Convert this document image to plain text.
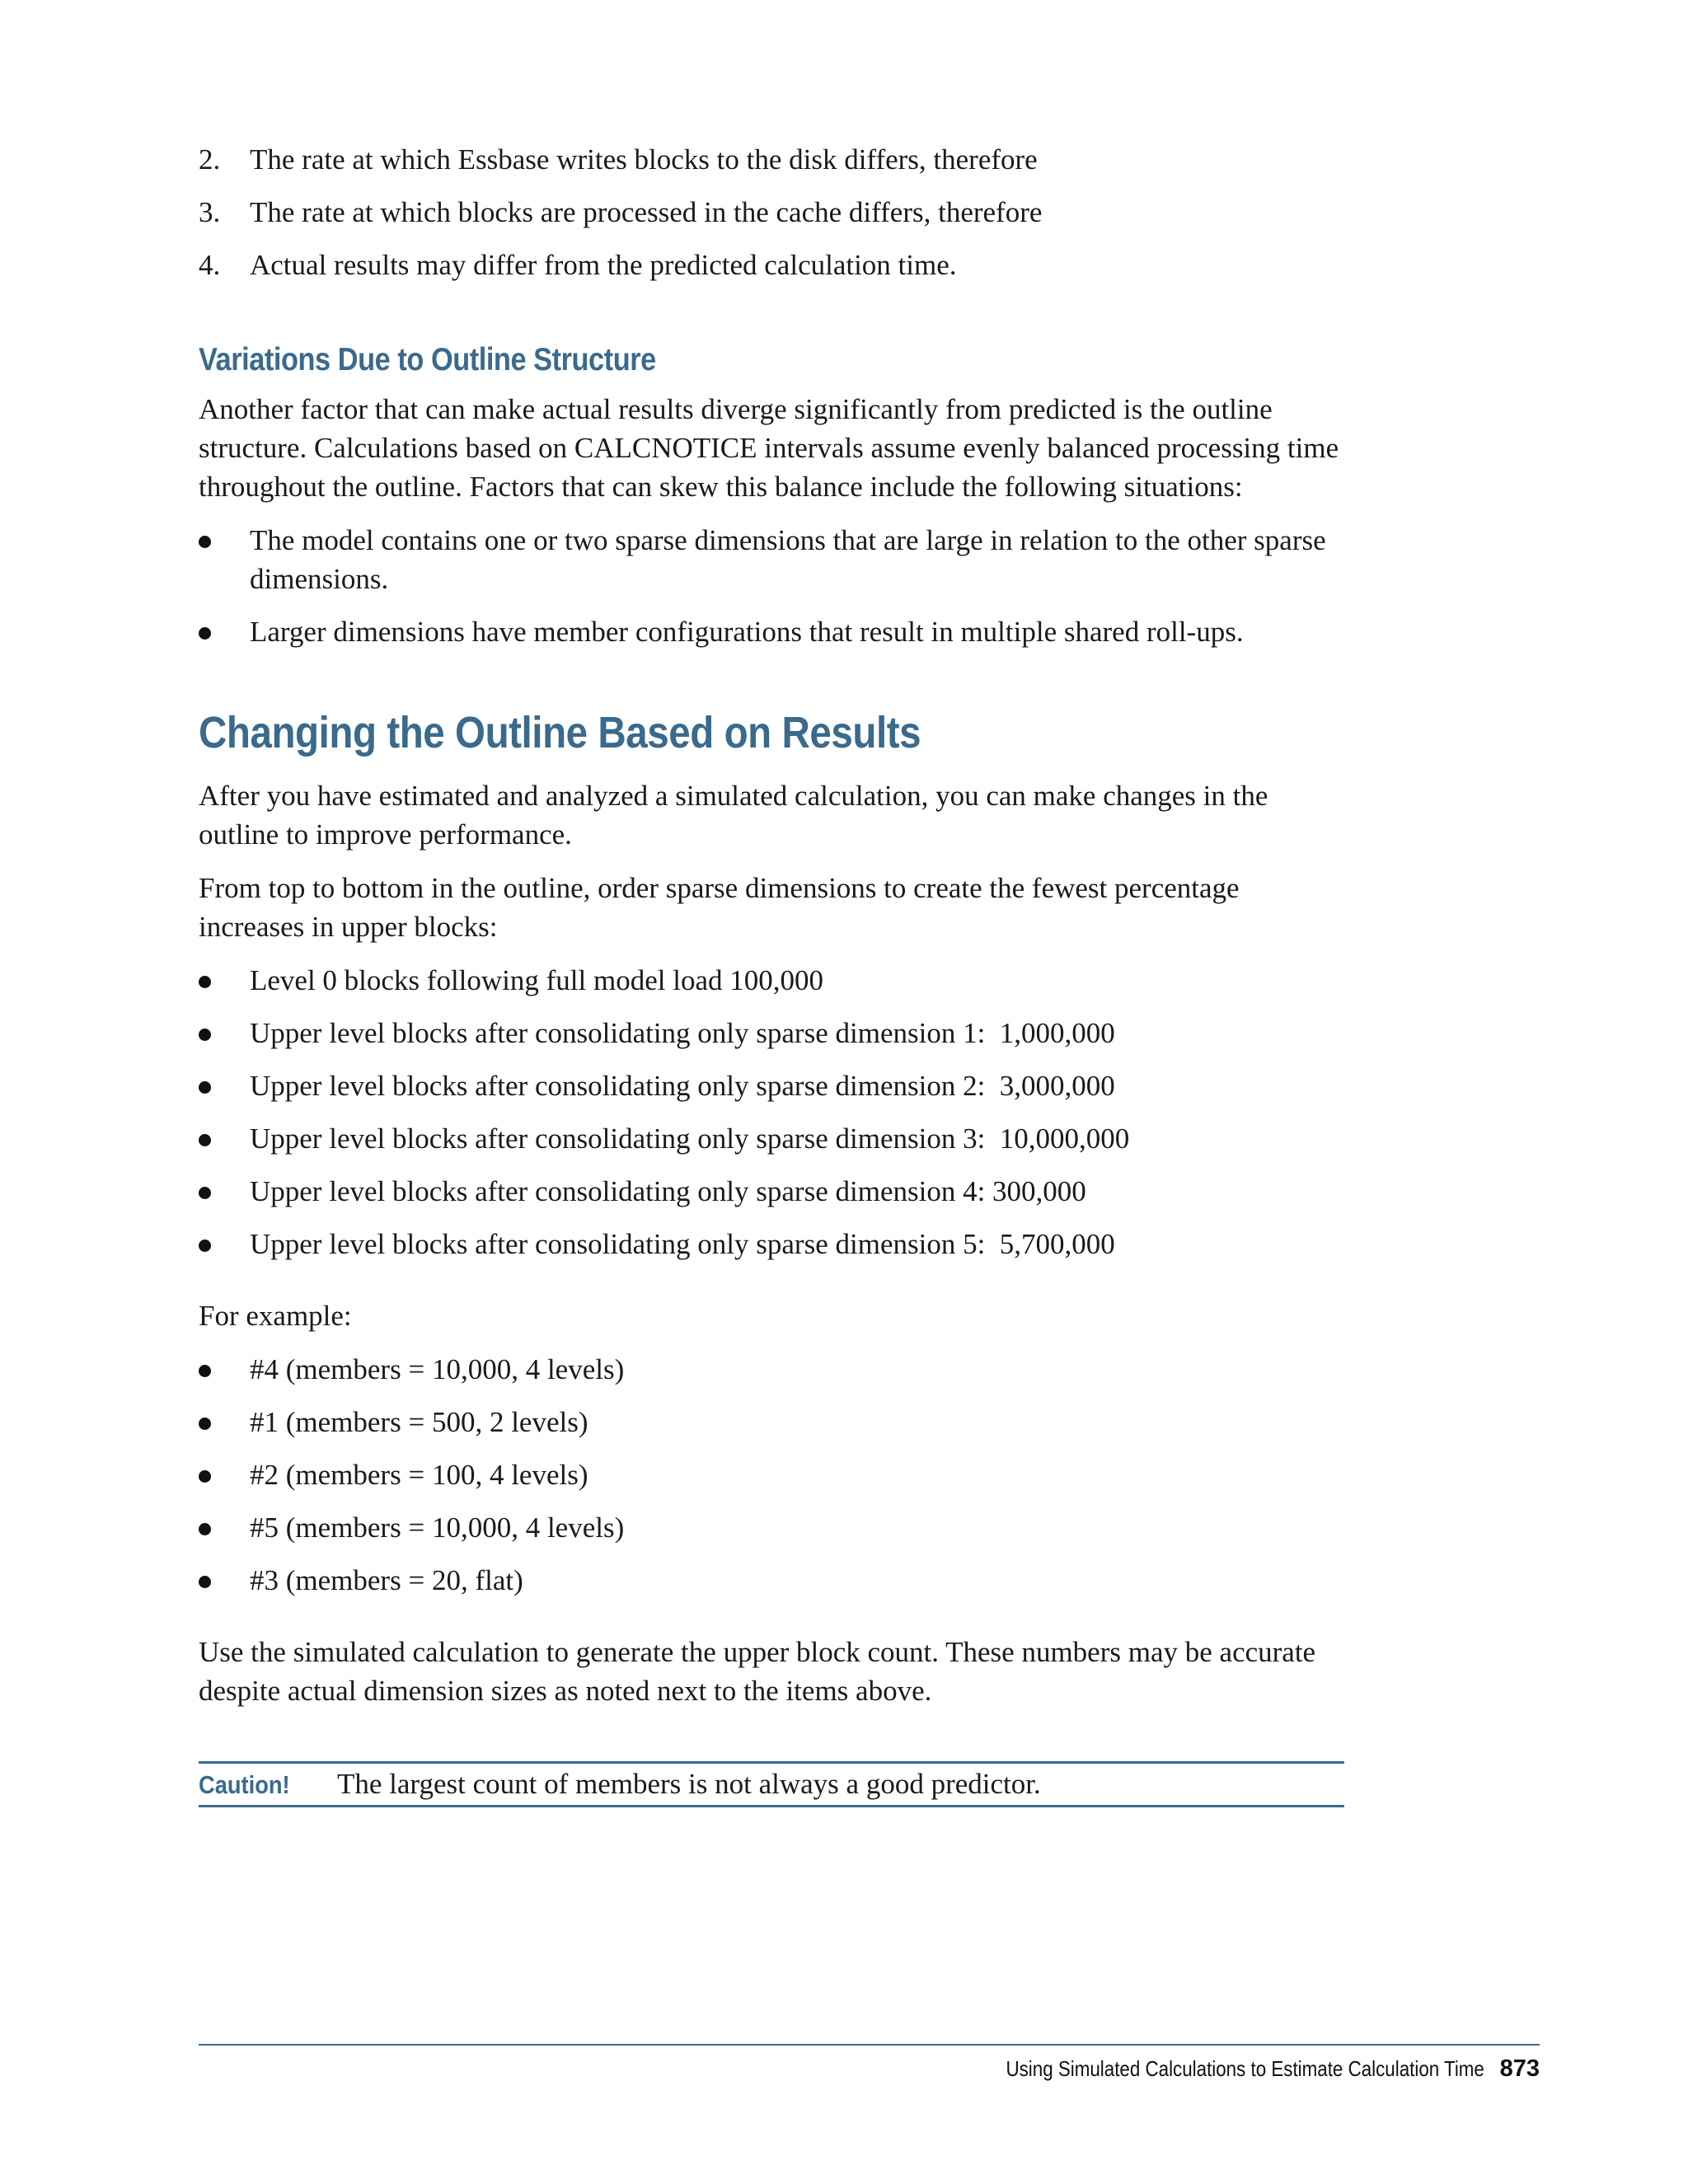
2. The rate at which Essbase writes blocks to the disk differs, therefore
3. The rate at which blocks are processed in the cache differs, therefore
4. Actual results may differ from the predicted calculation time.
Variations Due to Outline Structure

Another factor that can make actual results diverge significantly from predicted is the outline structure. Calculations based on CALCNOTICE intervals assume evenly balanced processing time throughout the outline. Factors that can skew this balance include the following situations:

The model contains one or two sparse dimensions that are large in relation to the other sparse dimensions.
Larger dimensions have member configurations that result in multiple shared roll-ups.
Changing the Outline Based on Results

After you have estimated and analyzed a simulated calculation, you can make changes in the outline to improve performance.

From top to bottom in the outline, order sparse dimensions to create the fewest percentage increases in upper blocks:

Level 0 blocks following full model load 100,000
Upper level blocks after consolidating only sparse dimension 1:  1,000,000
Upper level blocks after consolidating only sparse dimension 2:  3,000,000
Upper level blocks after consolidating only sparse dimension 3:  10,000,000
Upper level blocks after consolidating only sparse dimension 4: 300,000
Upper level blocks after consolidating only sparse dimension 5:  5,700,000

For example:

#4 (members = 10,000, 4 levels)
#1 (members = 500, 2 levels)
#2 (members = 100, 4 levels)
#5 (members = 10,000, 4 levels)
#3 (members = 20, flat)

Use the simulated calculation to generate the upper block count. These numbers may be accurate despite actual dimension sizes as noted next to the items above.

Caution!	The largest count of members is not always a good predictor.
Using Simulated Calculations to Estimate Calculation Time 873
